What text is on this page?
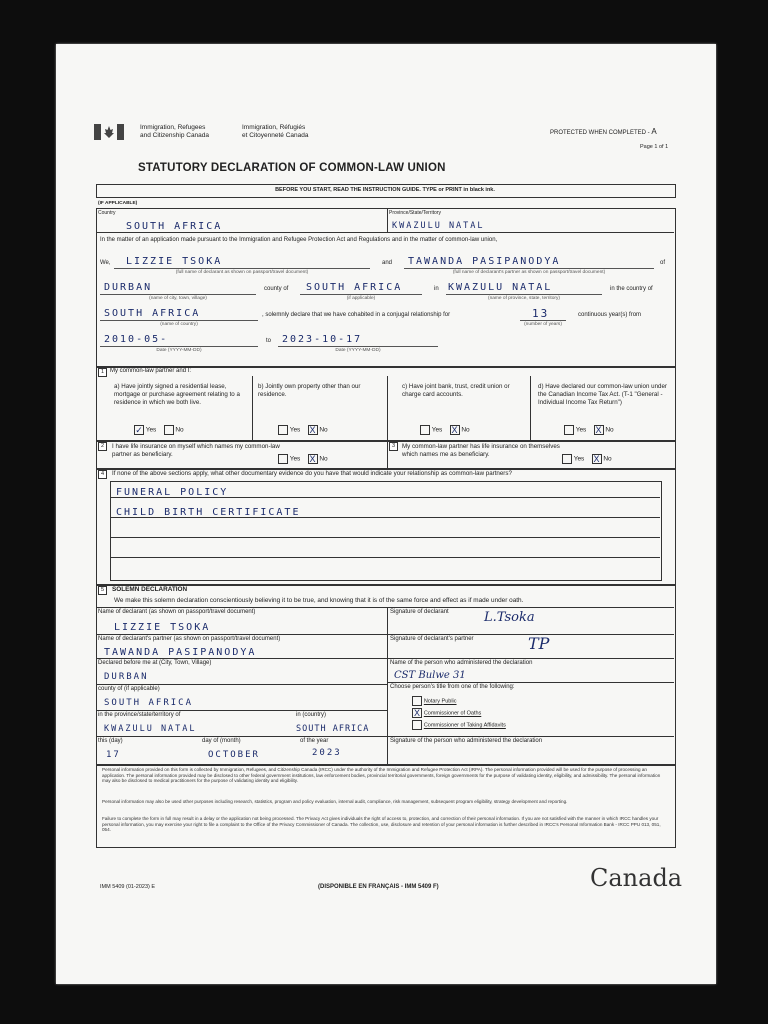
Immigration, Refugees
and Citizenship Canada
Immigration, Réfugiés
et Citoyenneté Canada	PROTECTED WHEN COMPLETED - A
Page 1 of 1
STATUTORY DECLARATION OF COMMON-LAW UNION
BEFORE YOU START, READ THE INSTRUCTION GUIDE. TYPE or PRINT in black ink.
(IF APPLICABLE)
Country
SOUTH AFRICA
Province/State/Territory
KWAZULU NATAL
In the matter of an application made pursuant to the Immigration and Refugee Protection Act and Regulations and in the matter of common-law union,
We, LIZZIE TSOKA
(full name of declarant as shown on passport/travel document)
and TAWANDA PASIPANODYA
(full name of declarant's partner as shown on passport/travel document)
of
DURBAN
(name of city, town, village)
county of SOUTH AFRICA
(if applicable)
in KWAZULU NATAL
(name of province, state, territory)
in the country of
SOUTH AFRICA
(name of country)
, solemnly declare that we have cohabited in a conjugal relationship for	13
(number of years)
continuous year(s) from
2010-05-
Date (YYYY-MM-DD)
to 2023-10-17
Date (YYYY-MM-DD)
1 My common-law partner and I:
a) Have jointly signed a residential lease, mortgage or purchase agreement relating to a residence in which we both live.
✓ Yes	No
b) Jointly own property other than our residence.
Yes X No
c) Have joint bank, trust, credit union or charge card accounts.
Yes X No
d) Have declared our common-law union under the Canadian Income Tax Act. (T-1 "General - Individual Income Tax Return")
Yes X No
2	I have life insurance on myself which names my common-law partner as beneficiary.
Yes X No
3	My common-law partner has life insurance on themselves which names me as beneficiary.
Yes X No
4	If none of the above sections apply, what other documentary evidence do you have that would indicate your relationship as common-law partners?
FUNERAL POLICY
CHILD BIRTH CERTIFICATE
5	SOLEMN DECLARATION
We make this solemn declaration conscientiously believing it to be true, and knowing that it is of the same force and effect as if made under oath.
Name of declarant (as shown on passport/travel document)
LIZZIE TSOKA
Signature of declarant	L.Tsoka
Name of declarant's partner (as shown on passport/travel document)
TAWANDA PASIPANODYA
Signature of declarant's partner	TP
Declared before me at (City, Town, Village)
DURBAN
Name of the person who administered the declaration
CST Bulwe 31
county of (if applicable)
SOUTH AFRICA
Choose person's title from one of the following:
Notary Public
X Commissioner of Oaths
Commissioner of Taking Affidavits
in the province/state/territory of	in (country)
KWAZULU NATAL	SOUTH AFRICA
this (day)	day of (month)	of the year
17	OCTOBER	2023
Signature of the person who administered the declaration
Personal information provided on this form is collected by Immigration, Refugees, and Citizenship Canada (IRCC) under the authority of the Immigration and Refugee Protection Act (IRPA). The personal information provided will be used for the purpose of processing an application. The personal information provided may be disclosed to other federal government institutions, law enforcement bodies, provincial territorial governments, foreign governments for the purpose of validating identity, eligibility, and admissibility. The personal information may also be disclosed to medical practitioners for the purpose of validating identity and eligibility.
Personal information may also be used other purposes including research, statistics, program and policy evaluation, internal audit, compliance, risk management, subsequent program eligibility, strategy development and reporting.
Failure to complete the form in full may result in a delay or the application not being processed. The Privacy Act gives individuals the right of access to, protection, and correction of their personal information. If you are not satisfied with the manner in which IRCC handles your personal information, you may exercise your right to file a complaint to the Office of the Privacy Commissioner of Canada. The collection, use, disclosure and retention of your personal information is further described in IRCC's Personal Information Bank - IRCC PPU 013, 051, 054.
IMM 5409 (01-2023) E	(DISPONIBLE EN FRANÇAIS - IMM 5409 F)	Canada
